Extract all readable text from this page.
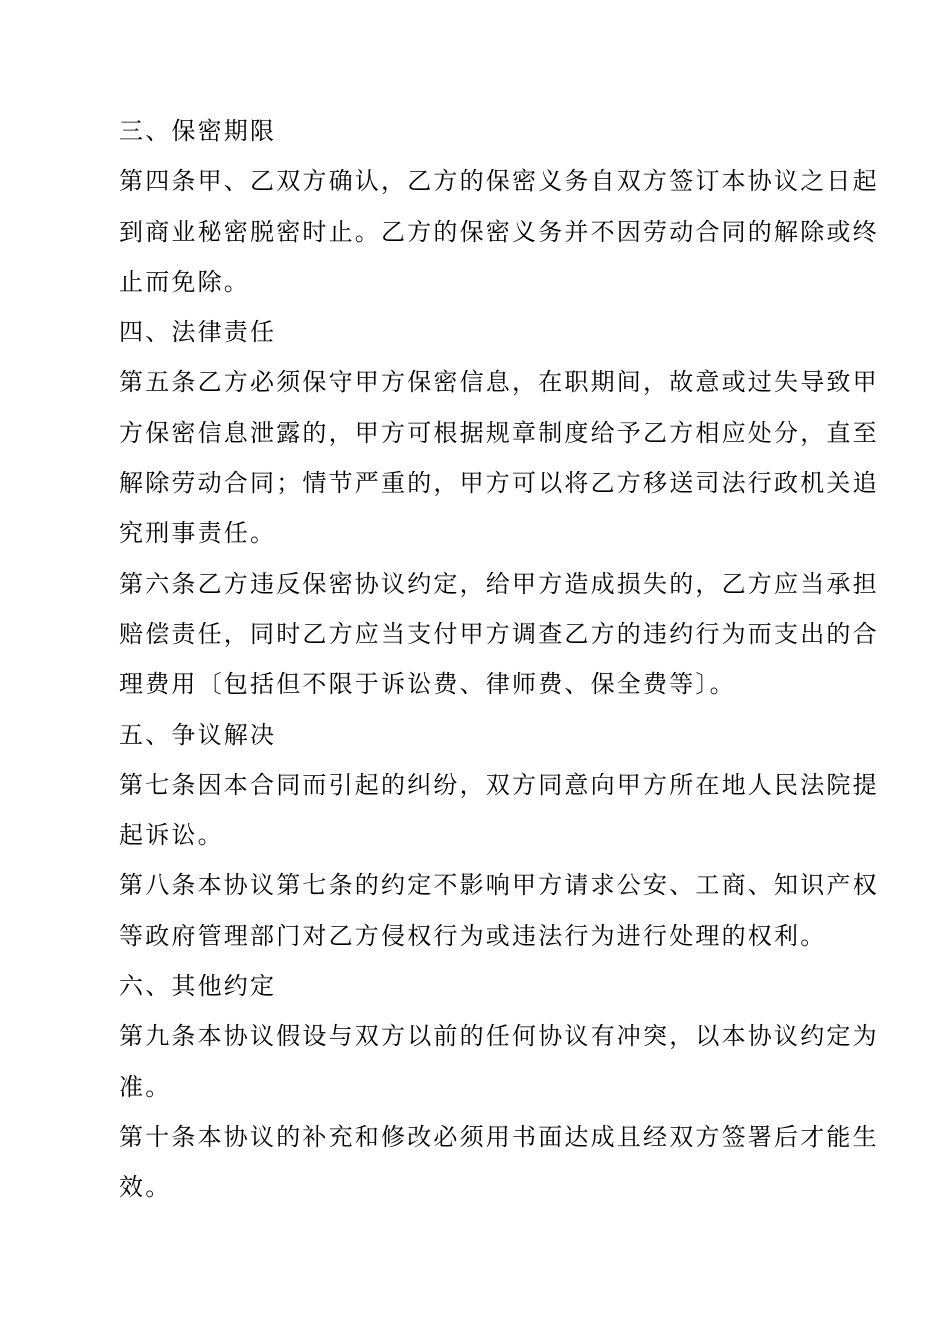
三、保密期限

第四条甲、乙双方确认，乙方的保密义务自双方签订本协议之日起

到商业秘密脱密时止。乙方的保密义务并不因劳动合同的解除或终

止而免除。

四、法律责任

第五条乙方必须保守甲方保密信息，在职期间，故意或过失导致甲

方保密信息泄露的，甲方可根据规章制度给予乙方相应处分，直至

解除劳动合同；情节严重的，甲方可以将乙方移送司法行政机关追

究刑事责任。

第六条乙方违反保密协议约定，给甲方造成损失的，乙方应当承担

赔偿责任，同时乙方应当支付甲方调查乙方的违约行为而支出的合

理费用〔包括但不限于诉讼费、律师费、保全费等〕。

五、争议解决

第七条因本合同而引起的纠纷，双方同意向甲方所在地人民法院提

起诉讼。

第八条本协议第七条的约定不影响甲方请求公安、工商、知识产权

等政府管理部门对乙方侵权行为或违法行为进行处理的权利。

六、其他约定

第九条本协议假设与双方以前的任何协议有冲突，以本协议约定为

准。

第十条本协议的补充和修改必须用书面达成且经双方签署后才能生

效。
